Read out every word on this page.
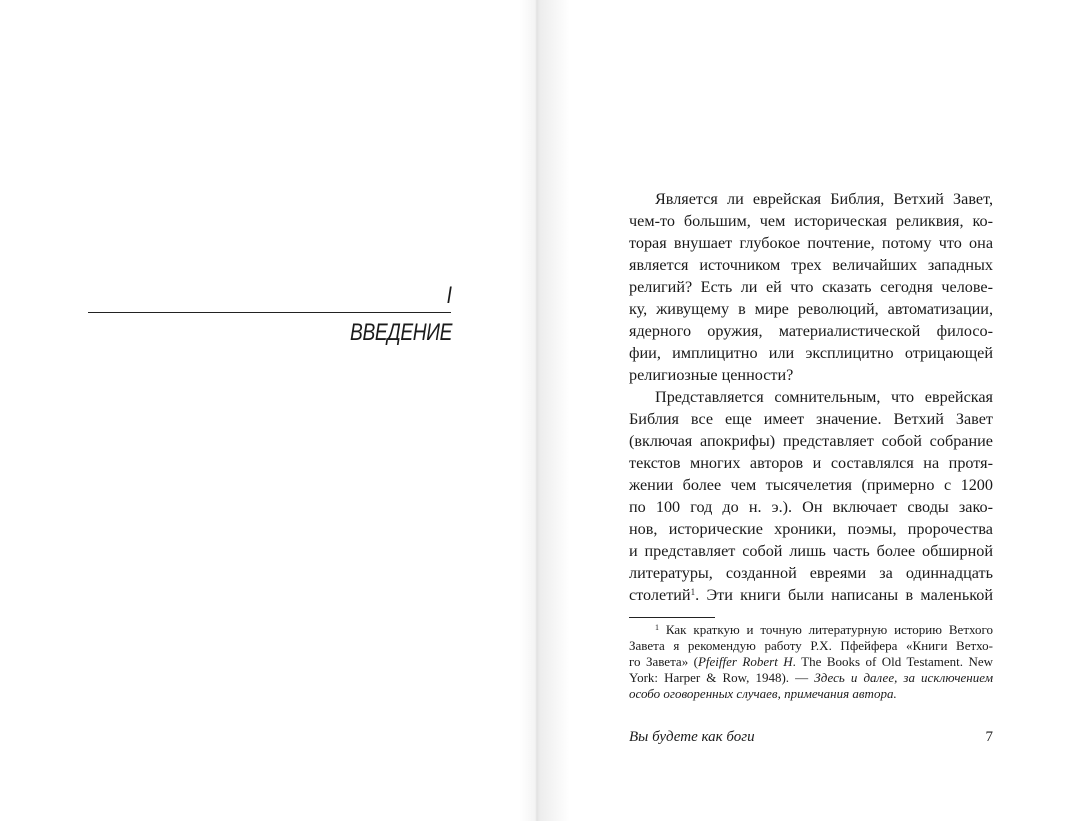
I
ВВЕДЕНИЕ
Является ли еврейская Библия, Ветхий Завет,
чем-то большим, чем историческая реликвия, ко-
торая внушает глубокое почтение, потому что она
является источником трех величайших западных
религий? Есть ли ей что сказать сегодня челове-
ку, живущему в мире революций, автоматизации,
ядерного оружия, материалистической филосо-
фии, имплицитно или эксплицитно отрицающей
религиозные ценности?
Представляется сомнительным, что еврейская
Библия все еще имеет значение. Ветхий Завет
(включая апокрифы) представляет собой собрание
текстов многих авторов и составлялся на протя-
жении более чем тысячелетия (примерно с 1200
по 100 год до н. э.). Он включает своды зако-
нов, исторические хроники, поэмы, пророчества
и представляет собой лишь часть более обширной
литературы, созданной евреями за одиннадцать
столетий$^1$. Эти книги были написаны в маленькой
$^1$ Как краткую и точную литературную историю Ветхого
Завета я рекомендую работу Р.Х. Пфейфера «Книги Ветхо-
го Завета» (Pfeiffer Robert H. The Books of Old Testament. New
York: Harper & Row, 1948). — Здесь и далее, за исключением
особо оговоренных случаев, примечания автора.
Вы будете как боги	7
